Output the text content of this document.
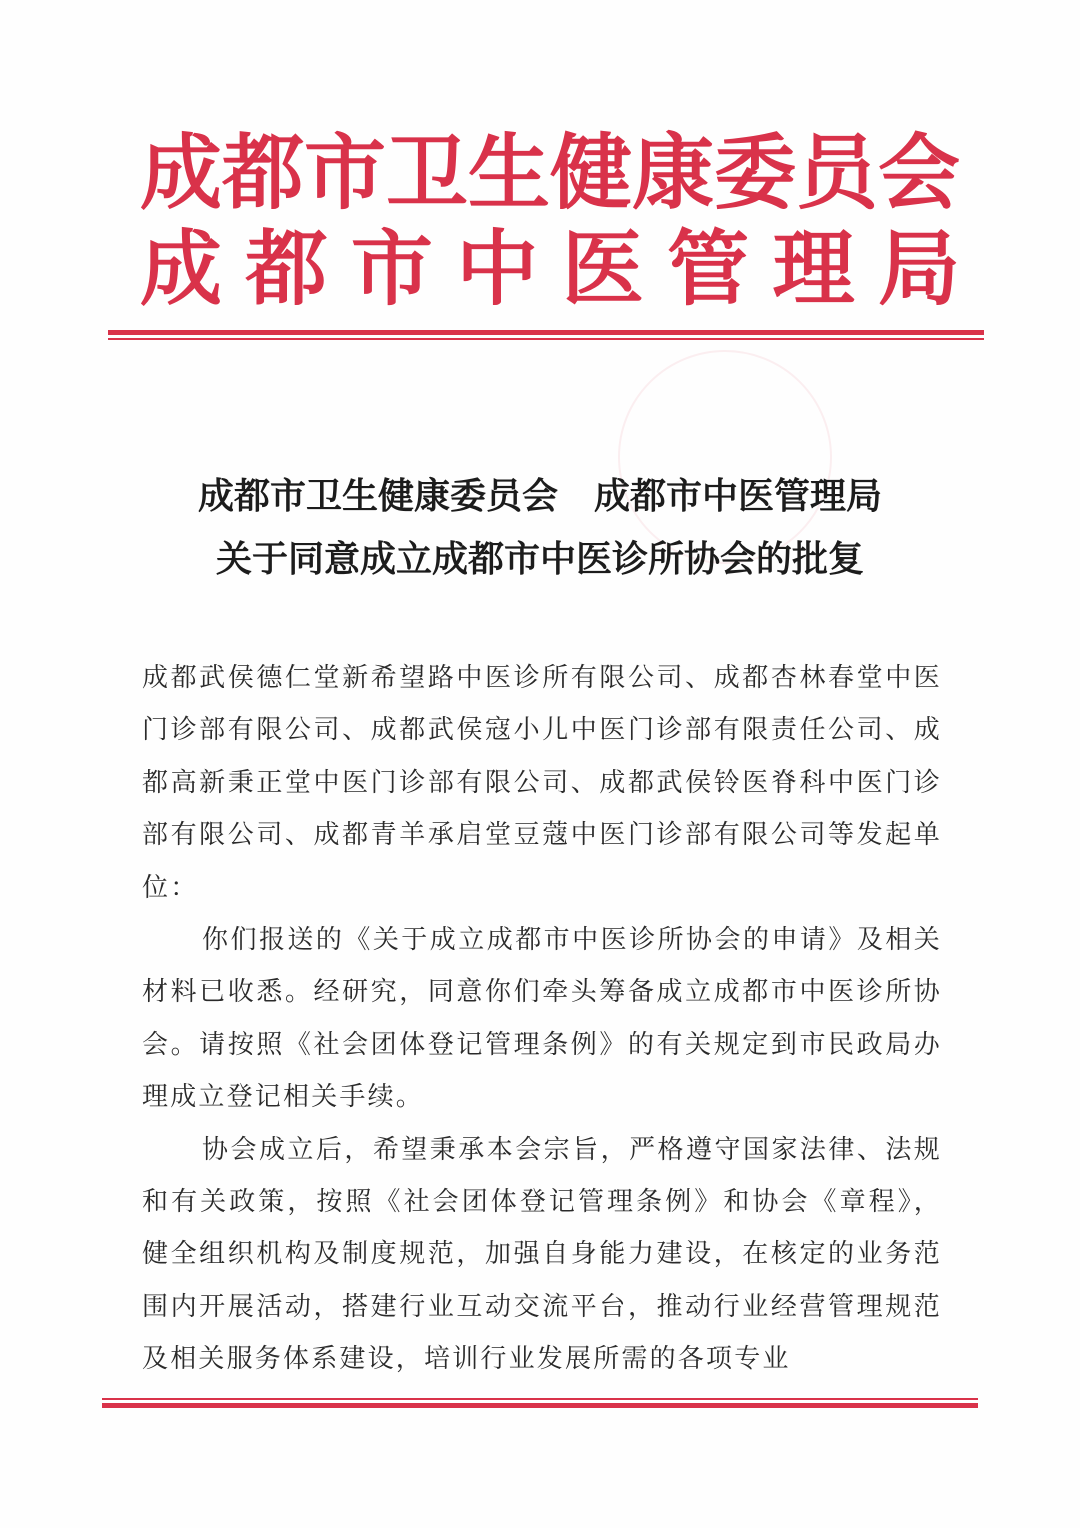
成都市卫生健康委员会
成都市中医管理局
成都市卫生健康委员会　成都市中医管理局
关于同意成立成都市中医诊所协会的批复

成都武侯德仁堂新希望路中医诊所有限公司、成都杏林春堂中医门诊部有限公司、成都武侯寇小儿中医门诊部有限责任公司、成都高新秉正堂中医门诊部有限公司、成都武侯铃医脊科中医门诊部有限公司、成都青羊承启堂豆蔻中医门诊部有限公司等发起单位：

你们报送的《关于成立成都市中医诊所协会的申请》及相关材料已收悉。经研究，同意你们牵头筹备成立成都市中医诊所协会。请按照《社会团体登记管理条例》的有关规定到市民政局办理成立登记相关手续。

协会成立后，希望秉承本会宗旨，严格遵守国家法律、法规和有关政策，按照《社会团体登记管理条例》和协会《章程》，健全组织机构及制度规范，加强自身能力建设，在核定的业务范围内开展活动，搭建行业互动交流平台，推动行业经营管理规范及相关服务体系建设，培训行业发展所需的各项专业
